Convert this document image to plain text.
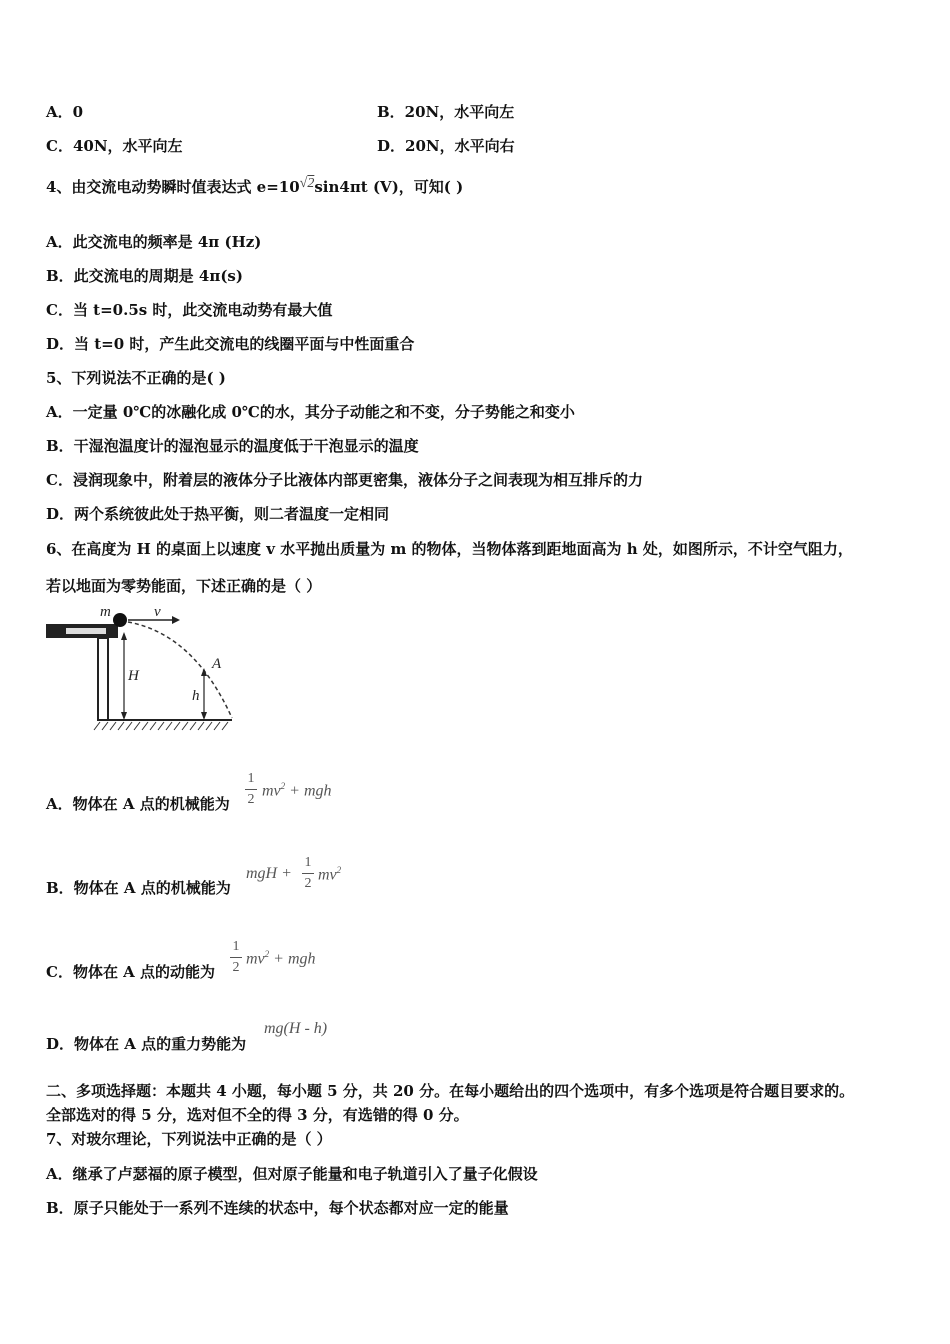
A．0	B．20N，水平向左
C．40N，水平向左	D．20N，水平向右
4、由交流电动势瞬时值表达式 e=10√2sin4πt (V)，可知( )
A．此交流电的频率是 4π (Hz)
B．此交流电的周期是 4π(s)
C．当 t=0.5s 时，此交流电动势有最大值
D．当 t=0 时，产生此交流电的线圈平面与中性面重合
5、下列说法不正确的是( )
A．一定量 0℃的冰融化成 0℃的水，其分子动能之和不变，分子势能之和变小
B．干湿泡温度计的湿泡显示的温度低于干泡显示的温度
C．浸润现象中，附着层的液体分子比液体内部更密集，液体分子之间表现为相互排斥的力
D．两个系统彼此处于热平衡，则二者温度一定相同
6、在高度为 H 的桌面上以速度 v 水平抛出质量为 m 的物体，当物体落到距地面高为 h 处，如图所示，不计空气阻力，
若以地面为零势能面，下述正确的是（ ）
H
h
A
m	v
A．物体在 A 点的机械能为
1
2
$mv^2$ + mgh
B．物体在 A 点的机械能为
mgH +
1
2
$mv^2$
C．物体在 A 点的动能为
1
2
$mv^2$ + mgh
D．物体在 A 点的重力势能为
mg(H - h)
二、多项选择题：本题共 4 小题，每小题 5 分，共 20 分。在每小题给出的四个选项中，有多个选项是符合题目要求的。
全部选对的得 5 分，选对但不全的得 3 分，有选错的得 0 分。
7、对玻尔理论，下列说法中正确的是（ ）
A．继承了卢瑟福的原子模型，但对原子能量和电子轨道引入了量子化假设
B．原子只能处于一系列不连续的状态中，每个状态都对应一定的能量
